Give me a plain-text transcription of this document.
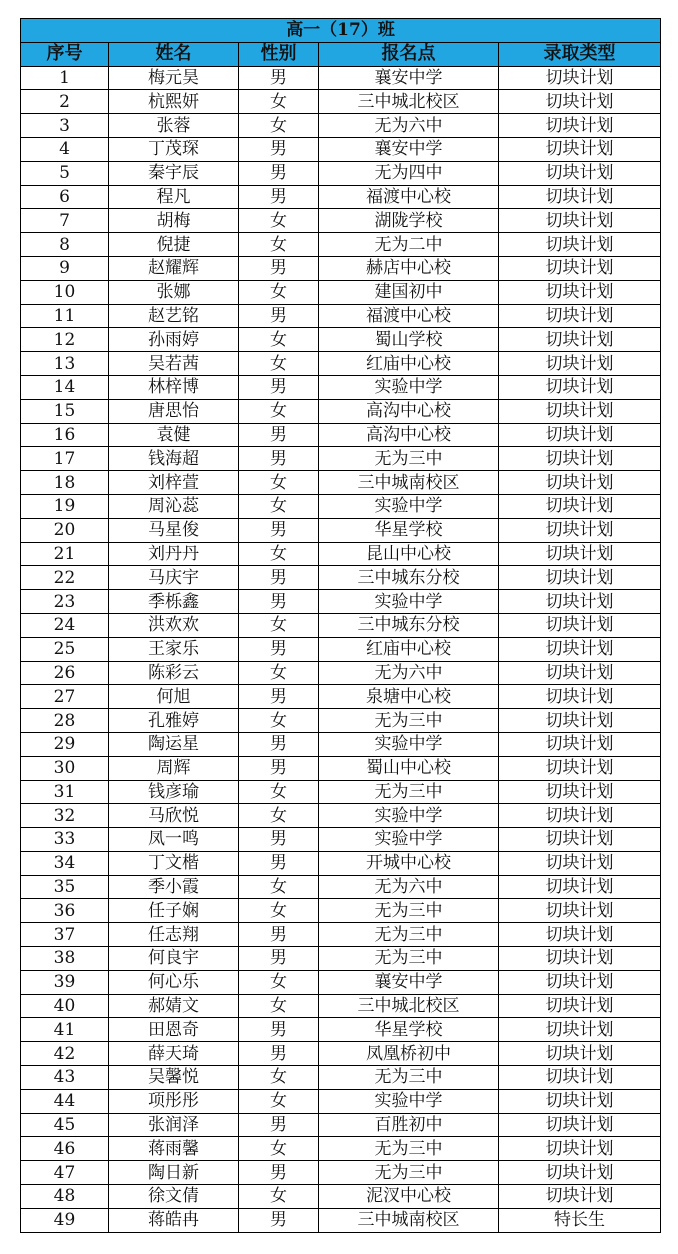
高一（17）班				
序号	姓名	性别	报名点	录取类型
1	梅元昊	男	襄安中学	切块计划
2	杭熙妍	女	三中城北校区	切块计划
3	张蓉	女	无为六中	切块计划
4	丁茂琛	男	襄安中学	切块计划
5	秦宇辰	男	无为四中	切块计划
6	程凡	男	福渡中心校	切块计划
7	胡梅	女	湖陇学校	切块计划
8	倪捷	女	无为二中	切块计划
9	赵耀辉	男	赫店中心校	切块计划
10	张娜	女	建国初中	切块计划
11	赵艺铭	男	福渡中心校	切块计划
12	孙雨婷	女	蜀山学校	切块计划
13	吴若茜	女	红庙中心校	切块计划
14	林梓博	男	实验中学	切块计划
15	唐思怡	女	高沟中心校	切块计划
16	袁健	男	高沟中心校	切块计划
17	钱海超	男	无为三中	切块计划
18	刘梓萱	女	三中城南校区	切块计划
19	周沁蕊	女	实验中学	切块计划
20	马星俊	男	华星学校	切块计划
21	刘丹丹	女	昆山中心校	切块计划
22	马庆宇	男	三中城东分校	切块计划
23	季栎鑫	男	实验中学	切块计划
24	洪欢欢	女	三中城东分校	切块计划
25	王家乐	男	红庙中心校	切块计划
26	陈彩云	女	无为六中	切块计划
27	何旭	男	泉塘中心校	切块计划
28	孔雅婷	女	无为三中	切块计划
29	陶运星	男	实验中学	切块计划
30	周辉	男	蜀山中心校	切块计划
31	钱彦瑜	女	无为三中	切块计划
32	马欣悦	女	实验中学	切块计划
33	凤一鸣	男	实验中学	切块计划
34	丁文楷	男	开城中心校	切块计划
35	季小霞	女	无为六中	切块计划
36	任子娴	女	无为三中	切块计划
37	任志翔	男	无为三中	切块计划
38	何良宇	男	无为三中	切块计划
39	何心乐	女	襄安中学	切块计划
40	郝婧文	女	三中城北校区	切块计划
41	田恩奇	男	华星学校	切块计划
42	薛天琦	男	凤凰桥初中	切块计划
43	吴馨悦	女	无为三中	切块计划
44	项彤彤	女	实验中学	切块计划
45	张润泽	男	百胜初中	切块计划
46	蒋雨馨	女	无为三中	切块计划
47	陶日新	男	无为三中	切块计划
48	徐文倩	女	泥汊中心校	切块计划
49	蒋皓冉	男	三中城南校区	特长生
